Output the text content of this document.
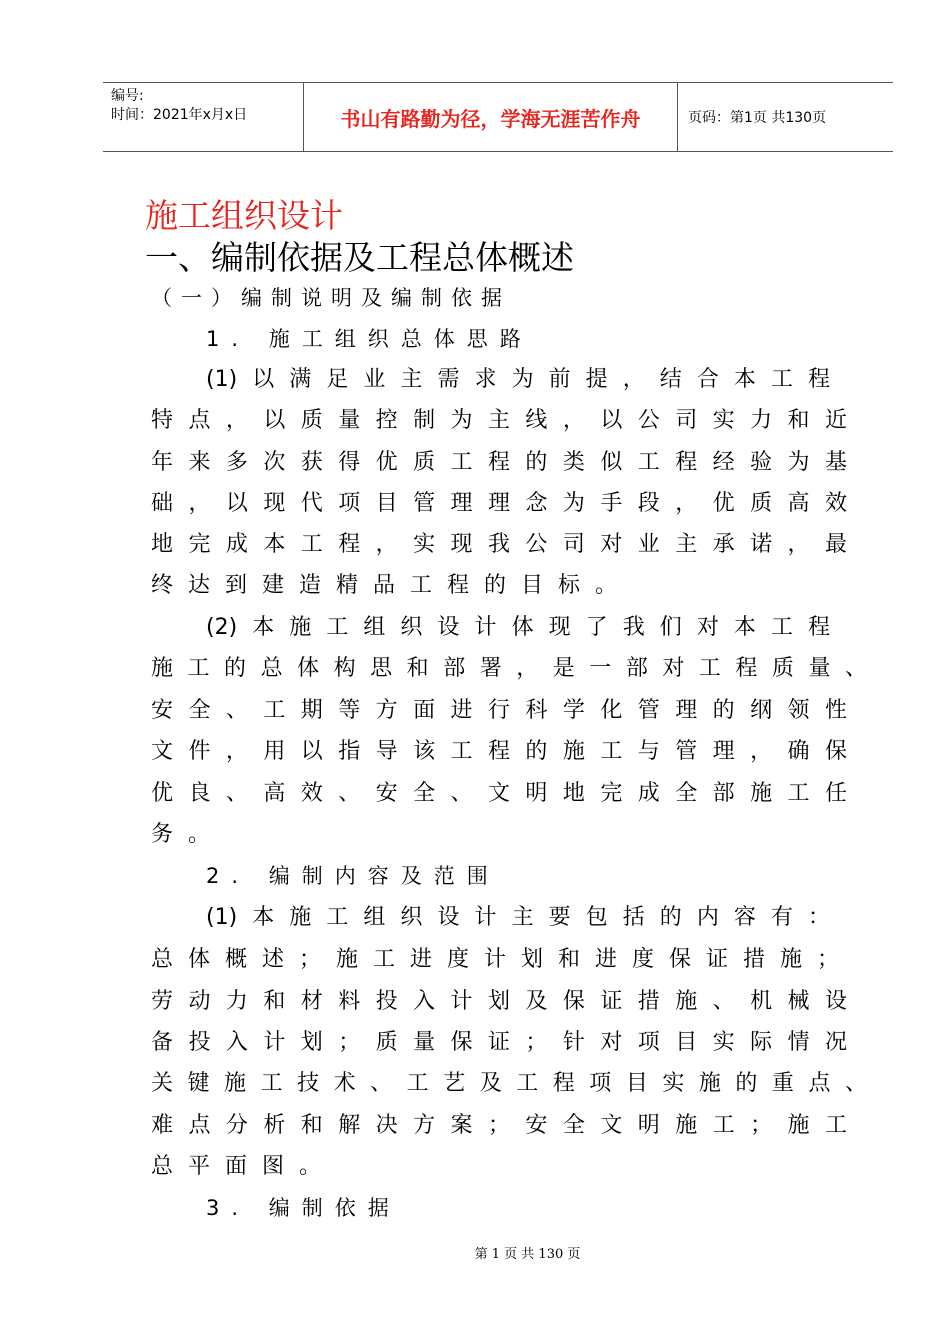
编号:
时间：2021年x月x日	书山有路勤为径，学海无涯苦作舟	页码：第1页 共130页
施工组织设计
一、编制依据及工程总体概述
（一）编制说明及编制依据
1. 施工组织总体思路
(1)以满足业主需求为前提，结合本工程
特点，以质量控制为主线，以公司实力和近
年来多次获得优质工程的类似工程经验为基
础，以现代项目管理理念为手段，优质高效
地完成本工程，实现我公司对业主承诺，最
终达到建造精品工程的目标。
(2)本施工组织设计体现了我们对本工程
施工的总体构思和部署，是一部对工程质量、
安全、工期等方面进行科学化管理的纲领性
文件，用以指导该工程的施工与管理，确保
优良、高效、安全、文明地完成全部施工任
务。
2. 编制内容及范围
(1)本施工组织设计主要包括的内容有：
总体概述；施工进度计划和进度保证措施；
劳动力和材料投入计划及保证措施、机械设
备投入计划；质量保证；针对项目实际情况
关键施工技术、工艺及工程项目实施的重点、
难点分析和解决方案；安全文明施工；施工
总平面图。
3. 编制依据
第 1 页 共 130 页
